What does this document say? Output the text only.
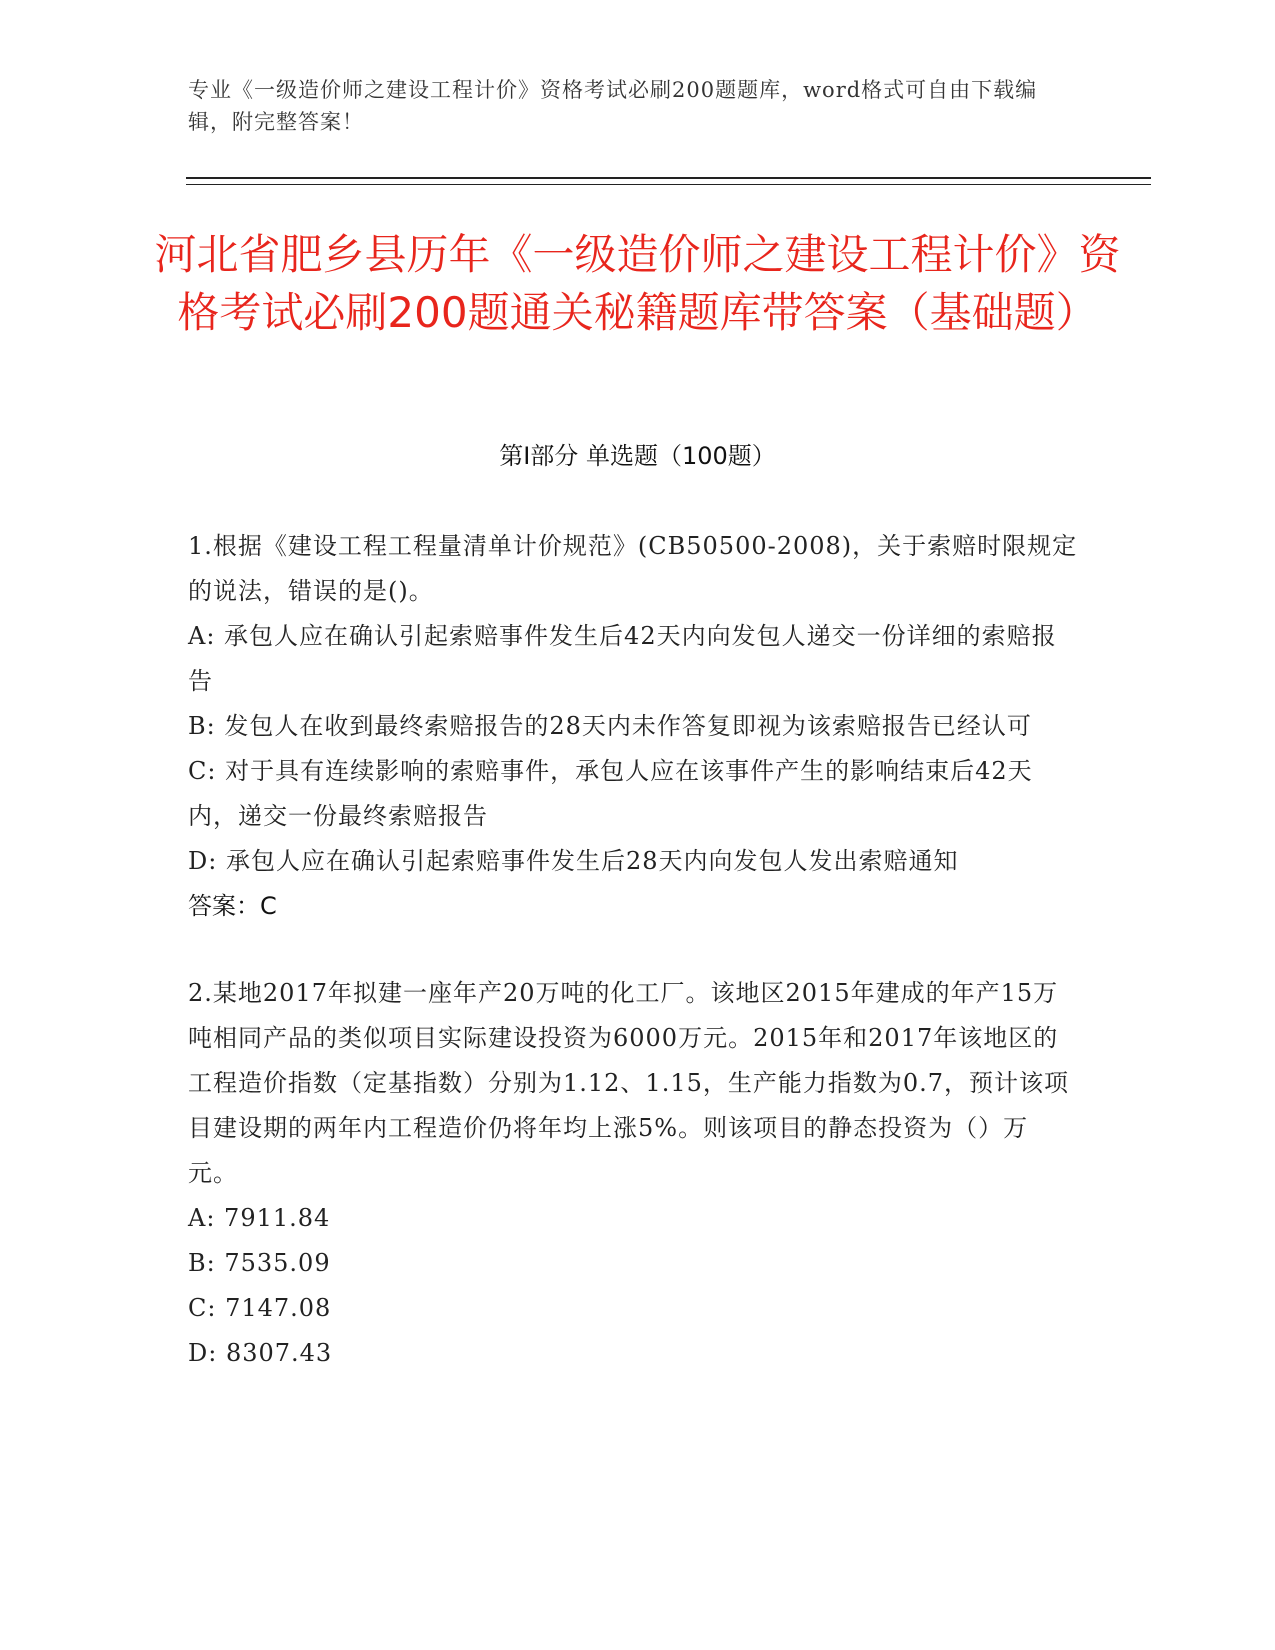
专业《一级造价师之建设工程计价》资格考试必刷200题题库，word格式可自由下载编辑，附完整答案！
河北省肥乡县历年《一级造价师之建设工程计价》资格考试必刷200题通关秘籍题库带答案（基础题）
第I部分 单选题（100题）

1.根据《建设工程工程量清单计价规范》(CB50500-2008)，关于索赔时限规定的说法，错误的是()。

A: 承包人应在确认引起索赔事件发生后42天内向发包人递交一份详细的索赔报告

B: 发包人在收到最终索赔报告的28天内未作答复即视为该索赔报告已经认可

C: 对于具有连续影响的索赔事件，承包人应在该事件产生的影响结束后42天内，递交一份最终索赔报告

D: 承包人应在确认引起索赔事件发生后28天内向发包人发出索赔通知

答案：C

2.某地2017年拟建一座年产20万吨的化工厂。该地区2015年建成的年产15万吨相同产品的类似项目实际建设投资为6000万元。2015年和2017年该地区的工程造价指数（定基指数）分别为1.12、1.15，生产能力指数为0.7，预计该项目建设期的两年内工程造价仍将年均上涨5%。则该项目的静态投资为（）万元。

A: 7911.84

B: 7535.09

C: 7147.08

D: 8307.43
